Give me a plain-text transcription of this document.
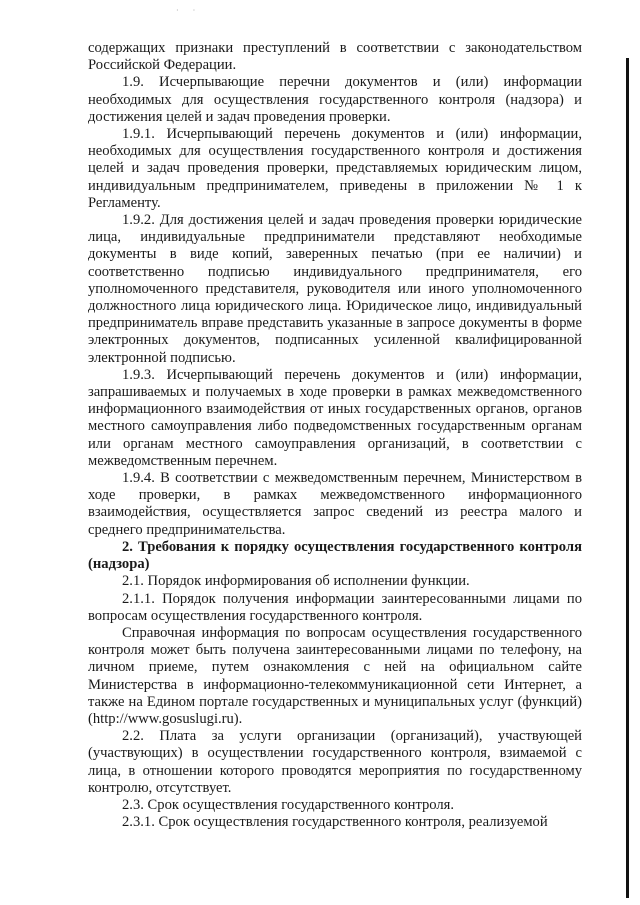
· ·

содержащих признаки преступлений в соответствии с законодательством Российской Федерации.

1.9. Исчерпывающие перечни документов и (или) информации необходимых для осуществления государственного контроля (надзора) и достижения целей и задач проведения проверки.

1.9.1. Исчерпывающий перечень документов и (или) информации, необходимых для осуществления государственного контроля и достижения целей и задач проведения проверки, представляемых юридическим лицом, индивидуальным предпринимателем, приведены в приложении № 1 к Регламенту.

1.9.2. Для достижения целей и задач проведения проверки юридические лица, индивидуальные предприниматели представляют необходимые документы в виде копий, заверенных печатью (при ее наличии) и соответственно подписью индивидуального предпринимателя, его уполномоченного представителя, руководителя или иного уполномоченного должностного лица юридического лица. Юридическое лицо, индивидуальный предприниматель вправе представить указанные в запросе документы в форме электронных документов, подписанных усиленной квалифицированной электронной подписью.

1.9.3. Исчерпывающий перечень документов и (или) информации, запрашиваемых и получаемых в ходе проверки в рамках межведомственного информационного взаимодействия от иных государственных органов, органов местного самоуправления либо подведомственных государственным органам или органам местного самоуправления организаций, в соответствии с межведомственным перечнем.

1.9.4. В соответствии с межведомственным перечнем, Министерством в ходе проверки, в рамках межведомственного информационного взаимодействия, осуществляется запрос сведений из реестра малого и среднего предпринимательства.

2. Требования к порядку осуществления государственного контроля (надзора)

2.1. Порядок информирования об исполнении функции.

2.1.1. Порядок получения информации заинтересованными лицами по вопросам осуществления государственного контроля.

Справочная информация по вопросам осуществления государственного контроля может быть получена заинтересованными лицами по телефону, на личном приеме, путем ознакомления с ней на официальном сайте Министерства в информационно-телекоммуникационной сети Интернет, а также на Едином портале государственных и муниципальных услуг (функций) (http://www.gosuslugi.ru).

2.2. Плата за услуги организации (организаций), участвующей (участвующих) в осуществлении государственного контроля, взимаемой с лица, в отношении которого проводятся мероприятия по государственному контролю, отсутствует.

2.3. Срок осуществления государственного контроля.

2.3.1. Срок осуществления государственного контроля, реализуемой
